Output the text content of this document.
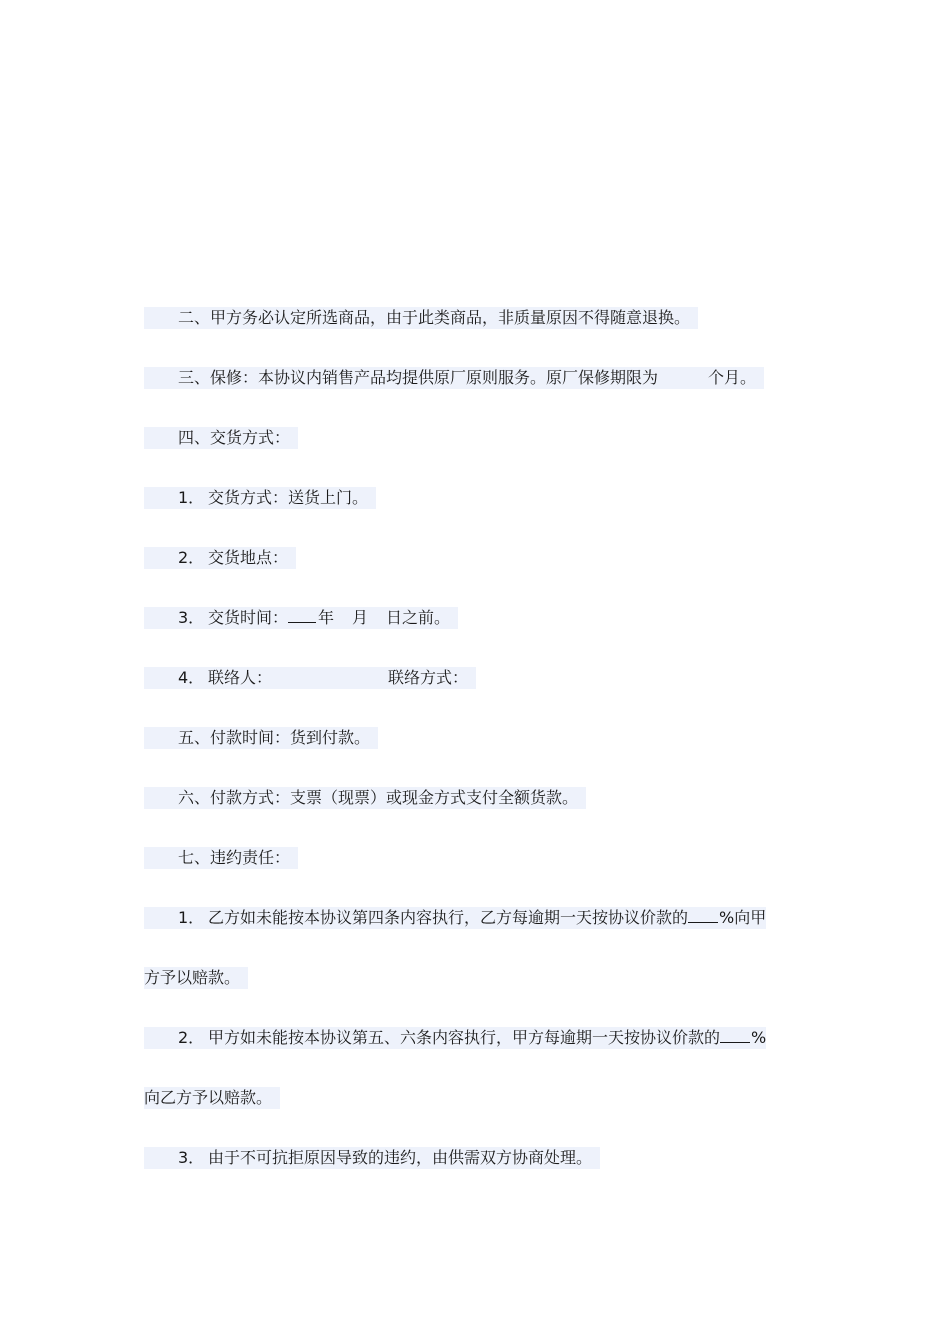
二、甲方务必认定所选商品，由于此类商品，非质量原因不得随意退换。
三、保修：本协议内销售产品均提供原厂原则服务。原厂保修期限为	个月。
四、交货方式：
1． 交货方式：送货上门。
2． 交货地点：
3． 交货时间： 年 月 日之前。
4． 联络人：	联络方式：
五、付款时间：货到付款。
六、付款方式：支票（现票）或现金方式支付全额货款。
七、违约责任：
1． 乙方如未能按本协议第四条内容执行，乙方每逾期一天按协议价款的 %向甲
方予以赔款。
2． 甲方如未能按本协议第五、六条内容执行，甲方每逾期一天按协议价款的 %
向乙方予以赔款。
3． 由于不可抗拒原因导致的违约，由供需双方协商处理。
